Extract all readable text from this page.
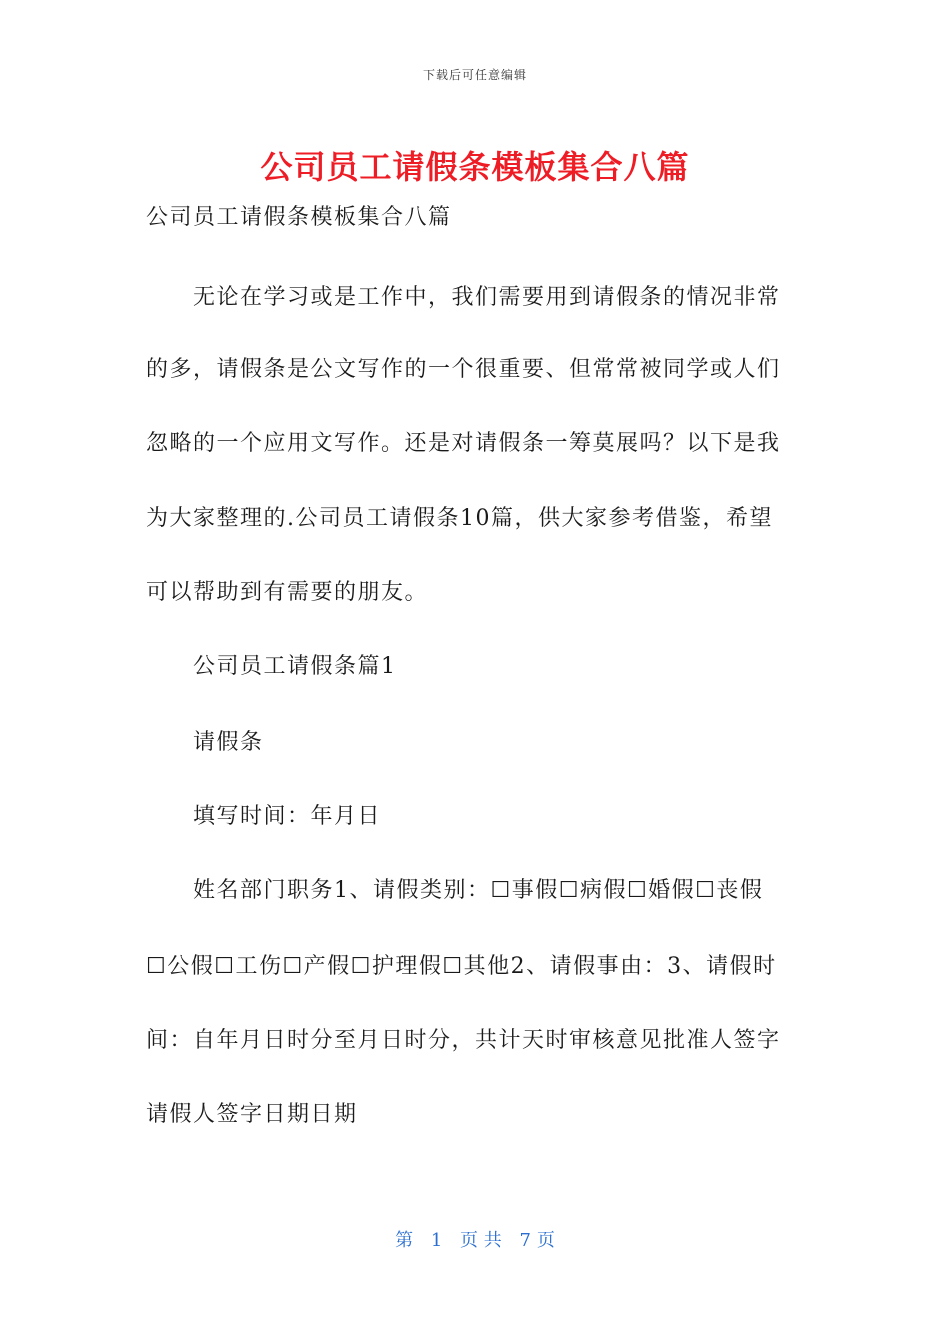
下载后可任意编辑
公司员工请假条模板集合八篇
公司员工请假条模板集合八篇
　　无论在学习或是工作中，我们需要用到请假条的情况非常
的多，请假条是公文写作的一个很重要、但常常被同学或人们
忽略的一个应用文写作。还是对请假条一筹莫展吗？以下是我
为大家整理的.公司员工请假条10篇，供大家参考借鉴，希望
可以帮助到有需要的朋友。
　　公司员工请假条篇1
　　请假条
　　填写时间：年月日
　　姓名部门职务1、请假类别：☐事假☐病假☐婚假☐丧假
☐公假☐工伤☐产假☐护理假☐其他2、请假事由：3、请假时
间：自年月日时分至月日时分，共计天时审核意见批准人签字
请假人签字日期日期
第 1 页 共 7 页
